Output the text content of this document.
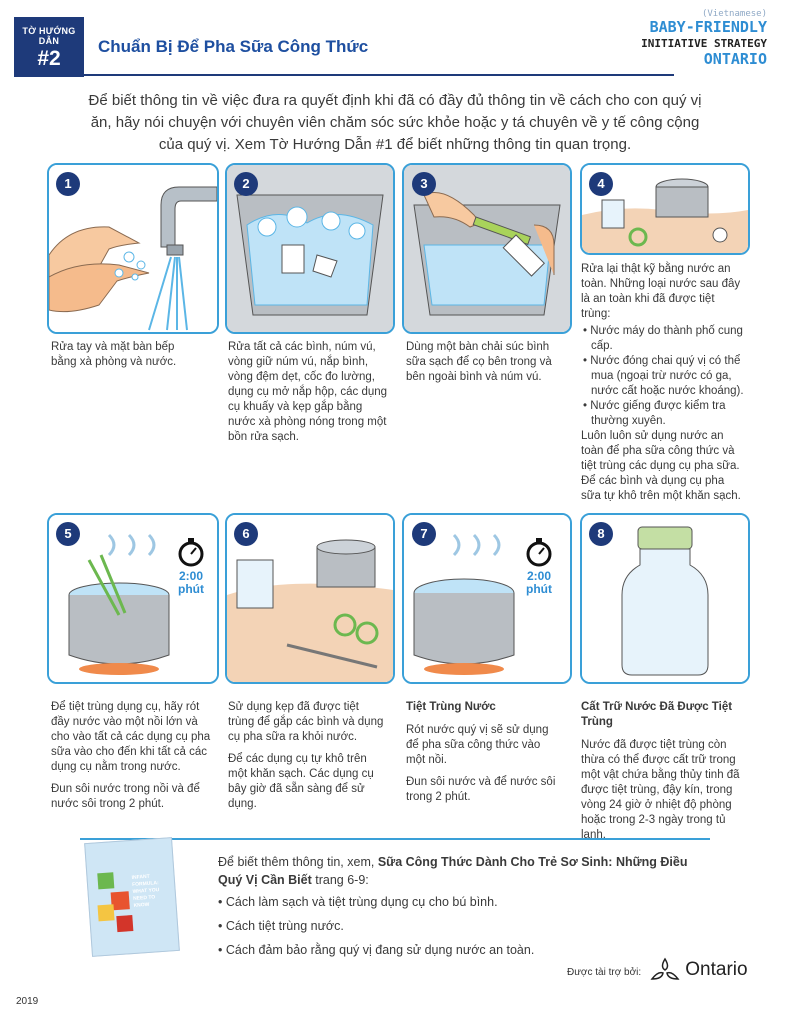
TỜ HƯỚNG DẪN
#2
Chuẩn Bị Để Pha Sữa Công Thức
(Vietnamese)
BABY-FRIENDLY
INITIATIVE STRATEGY
ONTARIO
Để biết thông tin về việc đưa ra quyết định khi đã có đầy đủ thông tin về cách cho con quý vị ăn, hãy nói chuyện với chuyên viên chăm sóc sức khỏe hoặc y tá chuyên về y tế công cộng của quý vị. Xem Tờ Hướng Dẫn #1 để biết những thông tin quan trọng.
1

Rửa tay và mặt bàn bếp bằng xà phòng và nước.

2

Rửa tất cả các bình, núm vú, vòng giữ núm vú, nắp bình, vòng đệm dẹt, cốc đo lường, dụng cụ mở nắp hộp, các dụng cụ khuấy và kẹp gắp bằng nước xà phòng nóng trong một bồn rửa sạch.

3

Dùng một bàn chải súc bình sữa sạch để cọ bên trong và bên ngoài bình và núm vú.

4

Rửa lại thật kỹ bằng nước an toàn. Những loại nước sau đây là an toàn khi đã được tiệt trùng:

• Nước máy do thành phố cung cấp.
• Nước đóng chai quý vị có thể mua (ngoại trừ nước có ga, nước cất hoặc nước khoáng).
• Nước giếng được kiểm tra thường xuyên.

Luôn luôn sử dụng nước an toàn để pha sữa công thức và tiệt trùng các dụng cụ pha sữa. Để các bình và dụng cụ pha sữa tự khô trên một khăn sạch.

5
2:00
phút

Để tiệt trùng dụng cụ, hãy rót đầy nước vào một nồi lớn và cho vào tất cả các dụng cụ pha sữa vào cho đến khi tất cả các dụng cụ nằm trong nước.

Đun sôi nước trong nồi và để nước sôi trong 2 phút.

6

Sử dụng kẹp đã được tiệt trùng để gắp các bình và dụng cụ pha sữa ra khỏi nước.

Để các dụng cụ tự khô trên một khăn sạch. Các dụng cụ bây giờ đã sẵn sàng để sử dụng.

7
2:00
phút

Tiệt Trùng Nước

Rót nước quý vị sẽ sử dụng để pha sữa công thức vào một nồi.

Đun sôi nước và để nước sôi trong 2 phút.

8

Cất Trữ Nước Đã Được Tiệt Trùng

Nước đã được tiệt trùng còn thừa có thể được cất trữ trong một vật chứa bằng thủy tinh đã được tiệt trùng, đậy kín, trong vòng 24 giờ ở nhiệt độ phòng hoặc trong 2-3 ngày trong tủ lạnh.

INFANT FORMULA: WHAT YOU NEED TO KNOW
Để biết thêm thông tin, xem, Sữa Công Thức Dành Cho Trẻ Sơ Sinh: Những Điều Quý Vị Cần Biết trang 6-9:
• Cách làm sạch và tiệt trùng dụng cụ cho bú bình.
• Cách tiệt trùng nước.
• Cách đảm bảo rằng quý vị đang sử dụng nước an toàn.
Được tài trợ bởi:	Ontario
2019
